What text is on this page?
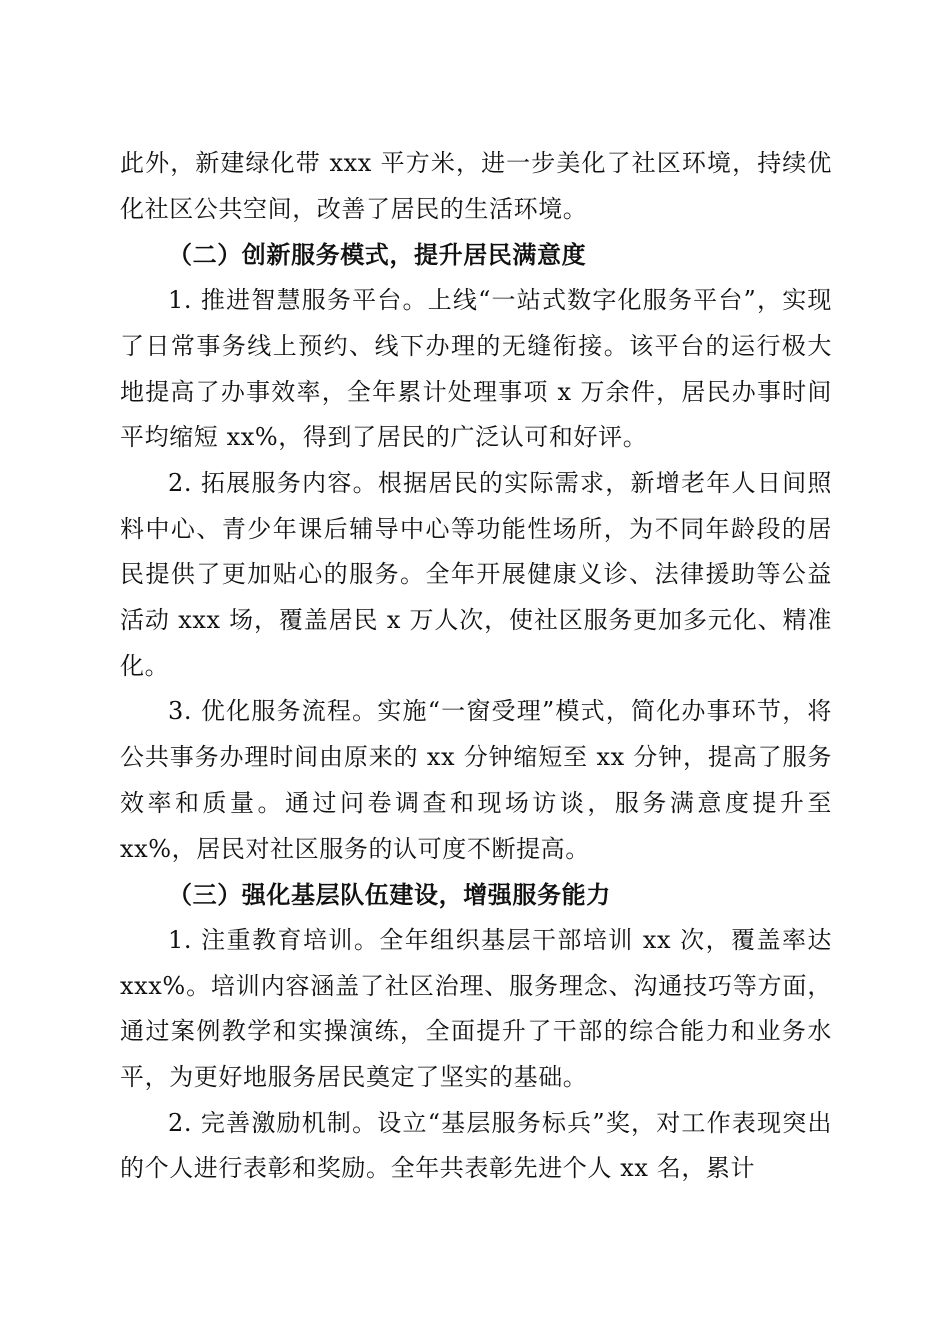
此外，新建绿化带 xxx 平方米，进一步美化了社区环境，持续优化社区公共空间，改善了居民的生活环境。

（二）创新服务模式，提升居民满意度

1. 推进智慧服务平台。上线“一站式数字化服务平台”，实现了日常事务线上预约、线下办理的无缝衔接。该平台的运行极大地提高了办事效率，全年累计处理事项 x 万余件，居民办事时间平均缩短 xx%，得到了居民的广泛认可和好评。

2. 拓展服务内容。根据居民的实际需求，新增老年人日间照料中心、青少年课后辅导中心等功能性场所，为不同年龄段的居民提供了更加贴心的服务。全年开展健康义诊、法律援助等公益活动 xxx 场，覆盖居民 x 万人次，使社区服务更加多元化、精准化。

3. 优化服务流程。实施“一窗受理”模式，简化办事环节，将公共事务办理时间由原来的 xx 分钟缩短至 xx 分钟，提高了服务效率和质量。通过问卷调查和现场访谈，服务满意度提升至 xx%，居民对社区服务的认可度不断提高。

（三）强化基层队伍建设，增强服务能力

1. 注重教育培训。全年组织基层干部培训 xx 次，覆盖率达 xxx%。培训内容涵盖了社区治理、服务理念、沟通技巧等方面，通过案例教学和实操演练，全面提升了干部的综合能力和业务水平，为更好地服务居民奠定了坚实的基础。

2. 完善激励机制。设立“基层服务标兵”奖，对工作表现突出的个人进行表彰和奖励。全年共表彰先进个人 xx 名，累计
